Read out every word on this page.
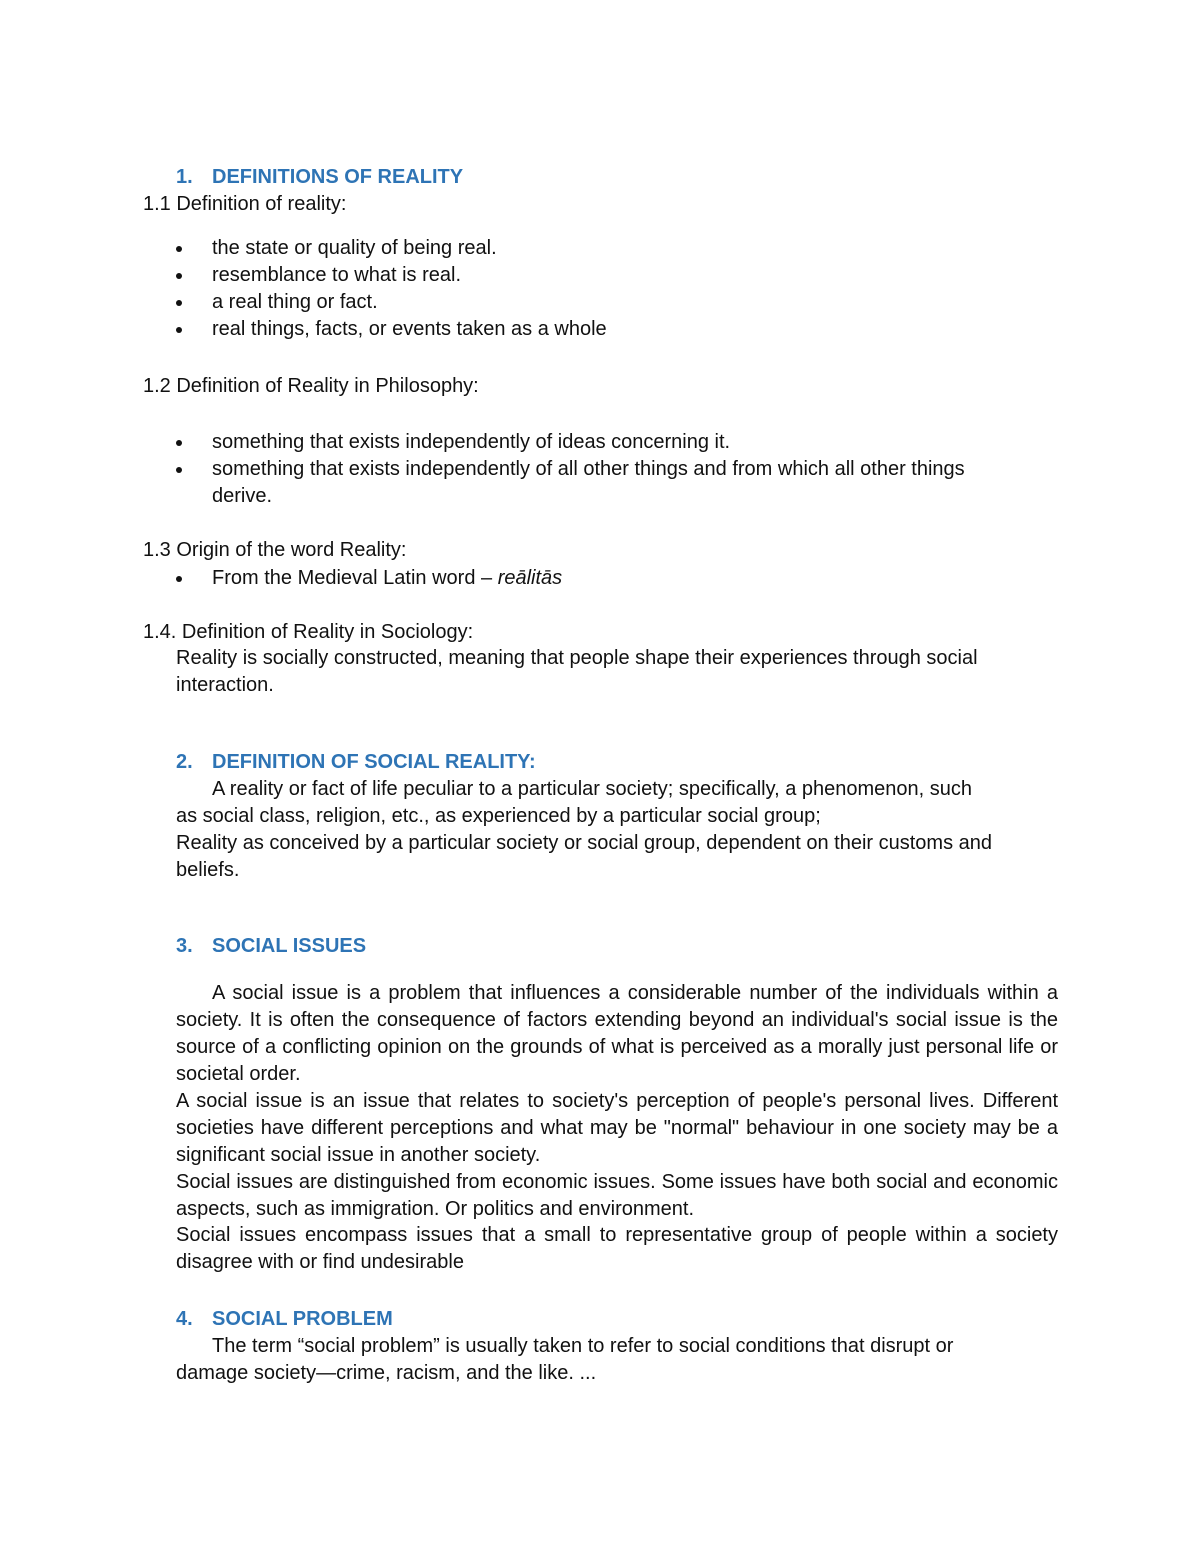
1. DEFINITIONS OF REALITY
1.1 Definition of reality:
the state or quality of being real.
resemblance to what is real.
a real thing or fact.
real things, facts, or events taken as a whole
1.2 Definition of Reality in Philosophy:
something that exists independently of ideas concerning it.
something that exists independently of all other things and from which all other things
derive.
1.3 Origin of the word Reality:
From the Medieval Latin word – reālitās
1.4. Definition of Reality in Sociology:
Reality is socially constructed, meaning that people shape their experiences through social
interaction.
2. DEFINITION OF SOCIAL REALITY:
A reality or fact of life peculiar to a particular society; specifically, a phenomenon, such
as social class, religion, etc., as experienced by a particular social group;
Reality as conceived by a particular society or social group, dependent on their customs and
beliefs.
3. SOCIAL ISSUES

A social issue is a problem that influences a considerable number of the individuals within a society. It is often the consequence of factors extending beyond an individual's social issue is the source of a conflicting opinion on the grounds of what is perceived as a morally just personal life or societal order.

A social issue is an issue that relates to society's perception of people's personal lives. Different societies have different perceptions and what may be "normal" behaviour in one society may be a significant social issue in another society.

Social issues are distinguished from economic issues. Some issues have both social and economic aspects, such as immigration. Or politics and environment.

Social issues encompass issues that a small to representative group of people within a society disagree with or find undesirable

4. SOCIAL PROBLEM
The term “social problem” is usually taken to refer to social conditions that disrupt or
damage society—crime, racism, and the like. ...
